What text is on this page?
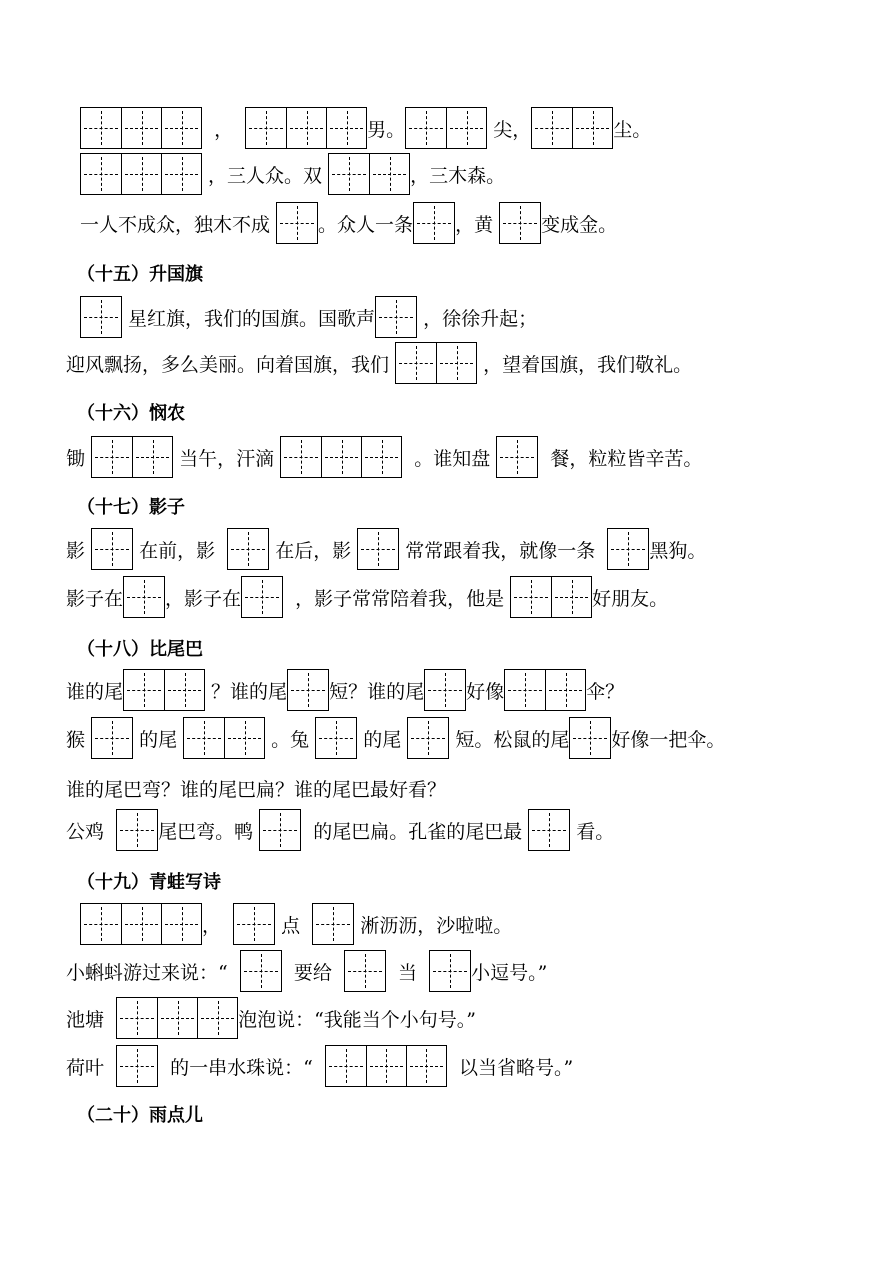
，	男。	尖，	尘。
，三人众。双	，三木森。
一人不成众，独木不成 。众人一条 ，黄 变成金。
（十五）升国旗
星红旗，我们的国旗。国歌声 ，徐徐升起；
迎风飘扬，多么美丽。向着国旗，我们	，望着国旗，我们敬礼。
（十六）悯农
锄	当午，汗滴	。谁知盘 餐，粒粒皆辛苦。
（十七）影子
影 在前，影 在后，影 常常跟着我，就像一条 黑狗。
影子在 ，影子在 ，影子常常陪着我，他是	好朋友。
（十八）比尾巴
谁的尾	？谁的尾 短？谁的尾 好像	伞？
猴 的尾	。兔 的尾 短。松鼠的尾 好像一把伞。
谁的尾巴弯？谁的尾巴扁？谁的尾巴最好看？
公鸡 尾巴弯。鸭 的尾巴扁。孔雀的尾巴最 看。
（十九）青蛙写诗
， 点 淅沥沥，沙啦啦。
小蝌蚪游过来说：“ 要给 当 小逗号。”
池塘	泡泡说：“我能当个小句号。”
荷叶 的一串水珠说：“	以当省略号。”
（二十）雨点儿
